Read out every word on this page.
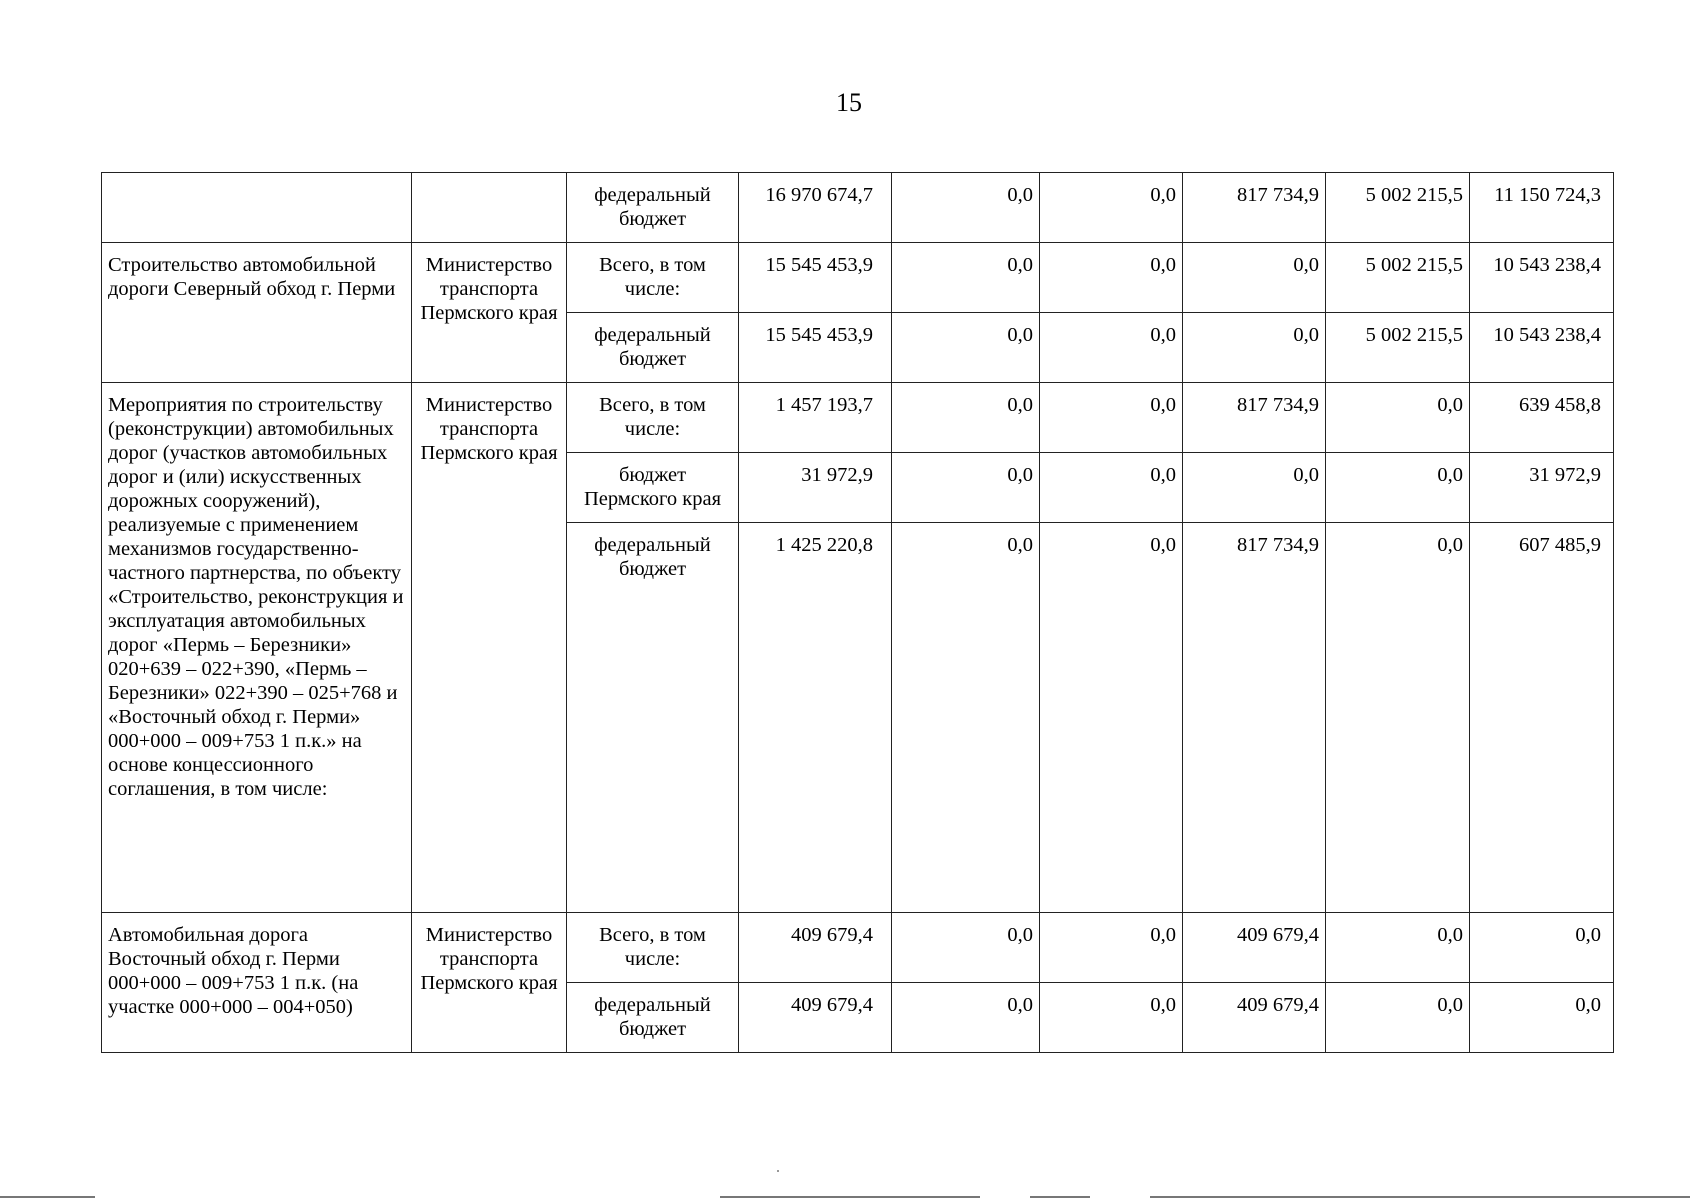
15
		федеральный бюджет	16 970 674,7	0,0	0,0	817 734,9	5 002 215,5	11 150 724,3
Строительство автомобильной дороги Северный обход г. Перми	Министерство транспорта Пермского края	Всего, в том числе:	15 545 453,9	0,0	0,0	0,0	5 002 215,5	10 543 238,4
		федеральный бюджет	15 545 453,9	0,0	0,0	0,0	5 002 215,5	10 543 238,4
Мероприятия по строительству (реконструкции) автомобильных дорог (участков автомобильных дорог и (или) искусственных дорожных сооружений), реализуемые с применением механизмов государственно-частного партнерства, по объекту «Строительство, реконструкция и эксплуатация автомобильных дорог «Пермь – Березники» 020+639 – 022+390, «Пермь – Березники» 022+390 – 025+768 и «Восточный обход г. Перми» 000+000 – 009+753 1 п.к.» на основе концессионного соглашения, в том числе:	Министерство транспорта Пермского края	Всего, в том числе:	1 457 193,7	0,0	0,0	817 734,9	0,0	639 458,8
		бюджет Пермского края	31 972,9	0,0	0,0	0,0	0,0	31 972,9
		федеральный бюджет	1 425 220,8	0,0	0,0	817 734,9	0,0	607 485,9
Автомобильная дорога Восточный обход г. Перми 000+000 – 009+753 1 п.к. (на участке 000+000 – 004+050)	Министерство транспорта Пермского края	Всего, в том числе:	409 679,4	0,0	0,0	409 679,4	0,0	0,0
		федеральный бюджет	409 679,4	0,0	0,0	409 679,4	0,0	0,0
